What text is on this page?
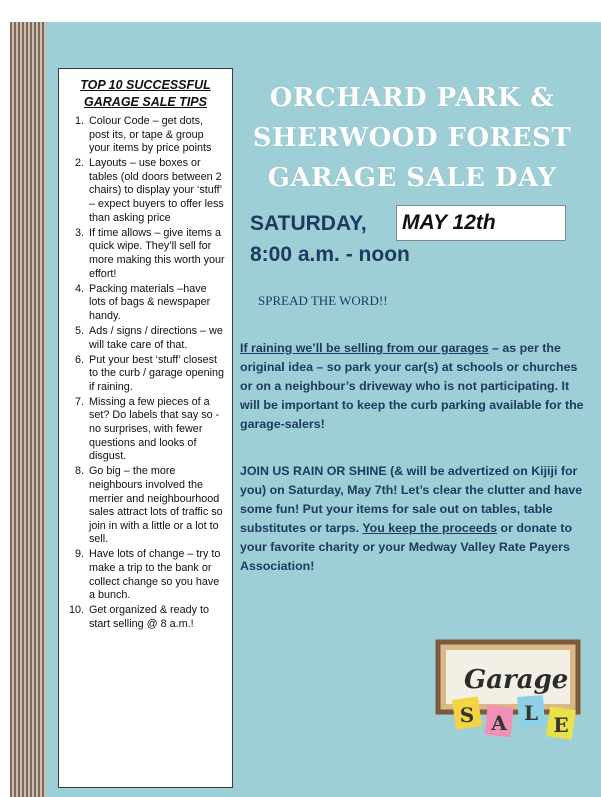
TOP 10 SUCCESSFUL
GARAGE SALE TIPS
1. Colour Code – get dots, post its, or tape & group your items by price points
2. Layouts – use boxes or tables (old doors between 2 chairs) to display your ‘stuff’ – expect buyers to offer less than asking price
3. If time allows – give items a quick wipe. They’ll sell for more making this worth your effort!
4. Packing materials –have lots of bags & newspaper handy.
5. Ads / signs / directions – we will take care of that.
6. Put your best ‘stuff’ closest to the curb / garage opening if raining.
7. Missing a few pieces of a set? Do labels that say so - no surprises, with fewer questions and looks of disgust.
8. Go big – the more neighbours involved the merrier and neighbourhood sales attract lots of traffic so join in with a little or a lot to sell.
9. Have lots of change – try to make a trip to the bank or collect change so you have a bunch.
10. Get organized & ready to start selling @ 8 a.m.!
ORCHARD PARK &
SHERWOOD FOREST
GARAGE SALE DAY
SATURDAY, MAY 12th
8:00 a.m. - noon
SPREAD THE WORD!!
If raining we’ll be selling from our garages – as per the original idea – so park your car(s) at schools or churches or on a neighbour’s driveway who is not participating. It will be important to keep the curb parking available for the garage-salers!
JOIN US RAIN OR SHINE (& will be advertized on Kijiji for you) on Saturday, May 7th! Let’s clear the clutter and have some fun! Put your items for sale out on tables, table substitutes or tarps. You keep the proceeds or donate to your favorite charity or your Medway Valley Rate Payers Association!
Garage
S A L E
